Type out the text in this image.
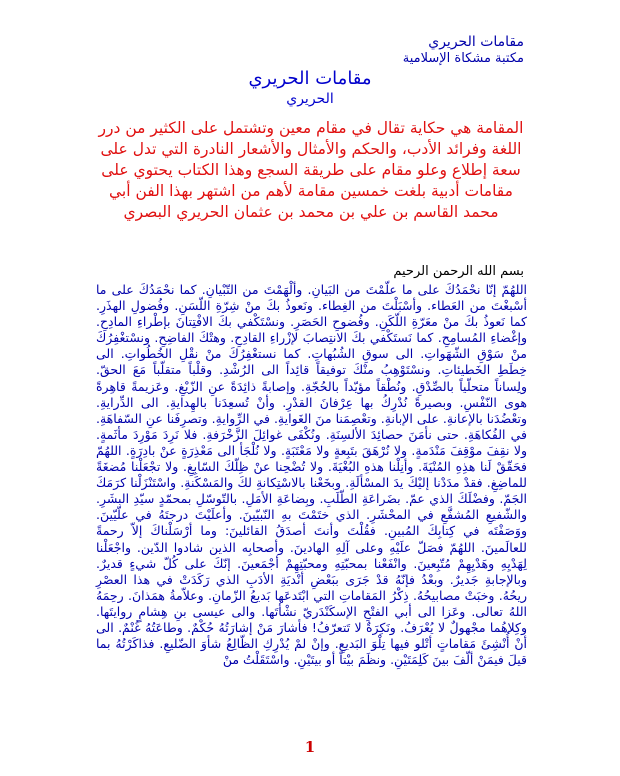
مقامات الحريري
مكتبة مشكاة الإسلامية
مقامات الحريري
الحريري

المقامة هي حكاية تقال في مقام معين وتشتمل على الكثير من درر اللغة وفرائد الأدب، والحكم والأمثال والأشعار النادرة التي تدل على سعة إطلاع وعلو مقام على طريقة السجع وهذا الكتاب يحتوي على مقامات أدبية بلغت خمسين مقامة لأهم من اشتهر بهذا الفن أبي محمد القاسم بن علي بن محمد بن عثمان الحريري البصري

بسم الله الرحمن الرحيم

اللهُمّ إنّا نحْمَدُكَ على ما علّمْتَ من البَيانِ. وألْهَمْتَ من التّبْيانِ. كما نحْمَدُكَ على ما أسْبغْتَ من العَطاء. وأسْبَلْتَ من الغِطاء. ونَعوذُ بكَ منْ شِرّةِ اللّسَنِ. وفُضولِ الهذَرِ. كما نَعوذُ بكَ منْ معَرّةِ اللّكَنِ. وفُضوحِ الحَصَرِ. ونسْتَكْفي بكَ الافْتِتانَ بإطْراءِ المادِحِ. وإغْضاءِ المُسامِحِ. كما نَستَكْفي بكَ الانتِصابَ لإزْراءِ القادِحِ. وهتْكَ الفاضِحِ. ونسْتغْفِرُكَ منْ سَوْقِ الشّهَواتِ. الى سوقِ الشُبُهاتِ. كما نستغْفِرُكَ منْ نقْلِ الخُطُواتِ. الى خِطَطِ الخَطيئاتِ. ونسْتَوْهِبُ منْكَ توفيقاً قائِداً الى الرُشْدِ. وقلْباً متقلّباً مَعَ الحقّ. ولِساناً متحلّياً بالصِّدْقِ. ونُطْقاً مؤيّداً بالحُجّةِ. وإصابةً ذائِدَةً عنِ الزّيْغِ. وعَزيمةً قاهِرةً هوى النّفْسِ. وبصيرةً نُدْرِكُ بها عِرْفانَ القدْرِ. وأنْ تُسعِدَنا بالهِدايةِ. الى الدِّرايةِ. وتعْضُدَنا بالإعانةِ. على الإبانةِ. وتعْصِمَنا منَ الغَوايةِ. في الرِّوايةِ. وتصرِفَنا عنِ السّفاهَةِ. في الفُكاهَةِ. حتى نأمَنَ حصائِدَ الألسِنَةِ. ونُكْفَى غوائِلَ الزَّخْرَفةِ. فلا نَرِدَ مَوْرِدَ مأثَمةٍ. ولا نقِفَ موْقِفَ مَنْدَمةٍ. ولا نُرْهَقَ بتَبِعةٍ ولا مَعْتَبَةٍ. ولا نُلْجَأ الى مَعْذِرَةٍ عنْ بادِرَةٍ. اللهُمّ فحَقّقْ لَنا هذِهِ المُنْيَةَ. وأنِلْنا هذهِ البُغْيَةَ. ولا تُضْحِنا عنْ ظِلّكَ السّابِغِ. ولا تجْعَلْنا مُضغَةً للماضِغِ. فقدْ مدَدْنا إليْكَ يدَ المسْألَةِ. وبخَعْنا بالاسْتِكانةِ لكَ والمَسْكَنةِ. واسْتَنْزَلْنا كرَمَكَ الجَمّ. وفضْلَكَ الذي عمّ. بضَراعَةِ الطّلَبِ. وبِضاعَةِ الأمَلِ. بالتّوسّلِ بمحمّدٍ سيّدِ البشَرِ. والشّفيعِ المُشفَّعِ في المحْشَرِ. الذي ختَمْتَ بهِ النّبيّينَ. وأعلَيْتَ درجتَهُ في علّيّينَ. ووَصَفْتَه في كِتابِكَ المُبينِ. فقُلْتَ وأنتَ أصدَقُ القائلينَ: وما أرْسَلْناكَ إلاّ رحمةً للعالَمينَ. اللهُمّ فصَلّ علَيْهِ وعلى آلِهِ الهادينَ. وأصحابِه الذين شادوا الدّين. واجْعَلْنا لِهَدْيِهِ وهَدْيِهِمْ مُتّبِعينَ. وانْفَعْنا بمحبّتِهِ ومحبّتِهِمْ أجْمَعينَ. إنّكَ على كُلّ شيءٍ قديرٌ. وبالإجابةِ جَديرٌ. وبعْدُ فإنّهُ قدْ جَرَى ببَعْضِ أنْديَةِ الأدَبِ الذي رَكَدَتْ في هذا العصْرِ ريحُهُ. وخبَتْ مصابيحُهُ. ذِكْرُ المَقاماتِ التي ابْتَدعَها بَديعُ الزّمانِ. وعلاّمةُ همَذانَ. رحِمَهُ اللهُ تعالى. وعَزا الى أبي الفتْحِ الإسكَنْدَريّ نشْأتَها. والى عيسى بنِ هِشامٍ روايتَها. وكِلاهُما مجْهولٌ لا يُعْرَفُ. ونَكِرَةٌ لا تَتعرّفُ! فأشارَ مَنْ إشارَتُهُ حُكْمٌ. وطاعَتُهُ غُنْمٌ. الى أنْ أُنْشِئَ مَقاماتٍ أتْلو فيها تِلْوَ البَديعِ. وإنْ لمْ يُدْرِكِ الظّالِعُ شأوَ الضّليعِ. فذاكَرْتُهُ بما قيلَ فيمَنْ ألّفَ بينَ كَلِمَتَيْنِ. ونظَمَ بيْتاً أو بيتَيْنِ. واسْتَقَلْتُ منْ

1
